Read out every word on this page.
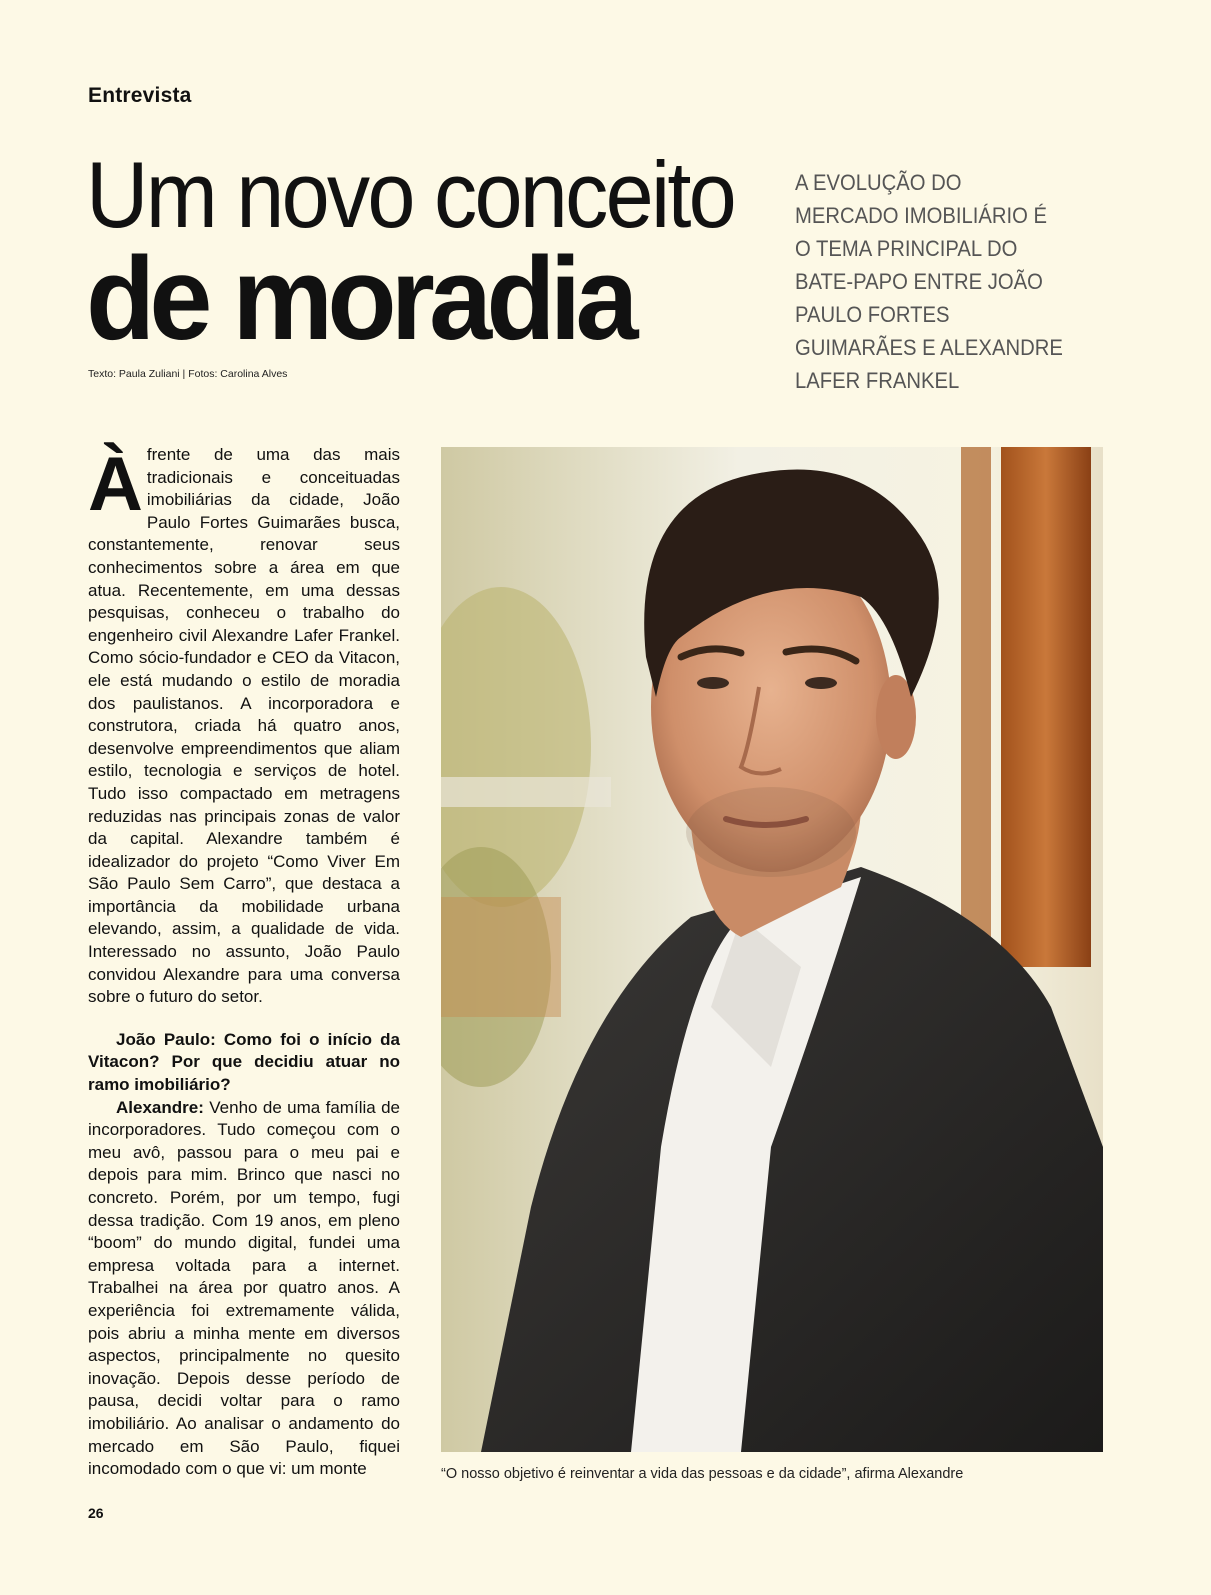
Entrevista
Um novo conceito
de moradia
Texto: Paula Zuliani | Fotos: Carolina Alves
A EVOLUÇÃO DO MERCADO IMOBILIÁRIO É O TEMA PRINCIPAL DO BATE-PAPO ENTRE JOÃO PAULO FORTES GUIMARÃES E ALEXANDRE LAFER FRANKEL

À frente de uma das mais tradicionais e conceituadas imobiliárias da cidade, João Paulo Fortes Guimarães busca, constantemente, renovar seus conhecimentos sobre a área em que atua. Recentemente, em uma dessas pesquisas, conheceu o trabalho do engenheiro civil Alexandre Lafer Frankel. Como sócio-fundador e CEO da Vitacon, ele está mudando o estilo de moradia dos paulistanos. A incorporadora e construtora, criada há quatro anos, desenvolve empreendimentos que aliam estilo, tecnologia e serviços de hotel. Tudo isso compactado em metragens reduzidas nas principais zonas de valor da capital. Alexandre também é idealizador do projeto “Como Viver Em São Paulo Sem Carro”, que destaca a importância da mobilidade urbana elevando, assim, a qualidade de vida. Interessado no assunto, João Paulo convidou Alexandre para uma conversa sobre o futuro do setor.

João Paulo: Como foi o início da Vitacon? Por que decidiu atuar no ramo imobiliário?

Alexandre: Venho de uma família de incorporadores. Tudo começou com o meu avô, passou para o meu pai e depois para mim. Brinco que nasci no concreto. Porém, por um tempo, fugi dessa tradição. Com 19 anos, em pleno “boom” do mundo digital, fundei uma empresa voltada para a internet. Trabalhei na área por quatro anos. A experiência foi extremamente válida, pois abriu a minha mente em diversos aspectos, principalmente no quesito inovação. Depois desse período de pausa, decidi voltar para o ramo imobiliário. Ao analisar o andamento do mercado em São Paulo, fiquei incomodado com o que vi: um monte	“O nosso objetivo é reinventar a vida das pessoas e da cidade”, afirma Alexandre
26
